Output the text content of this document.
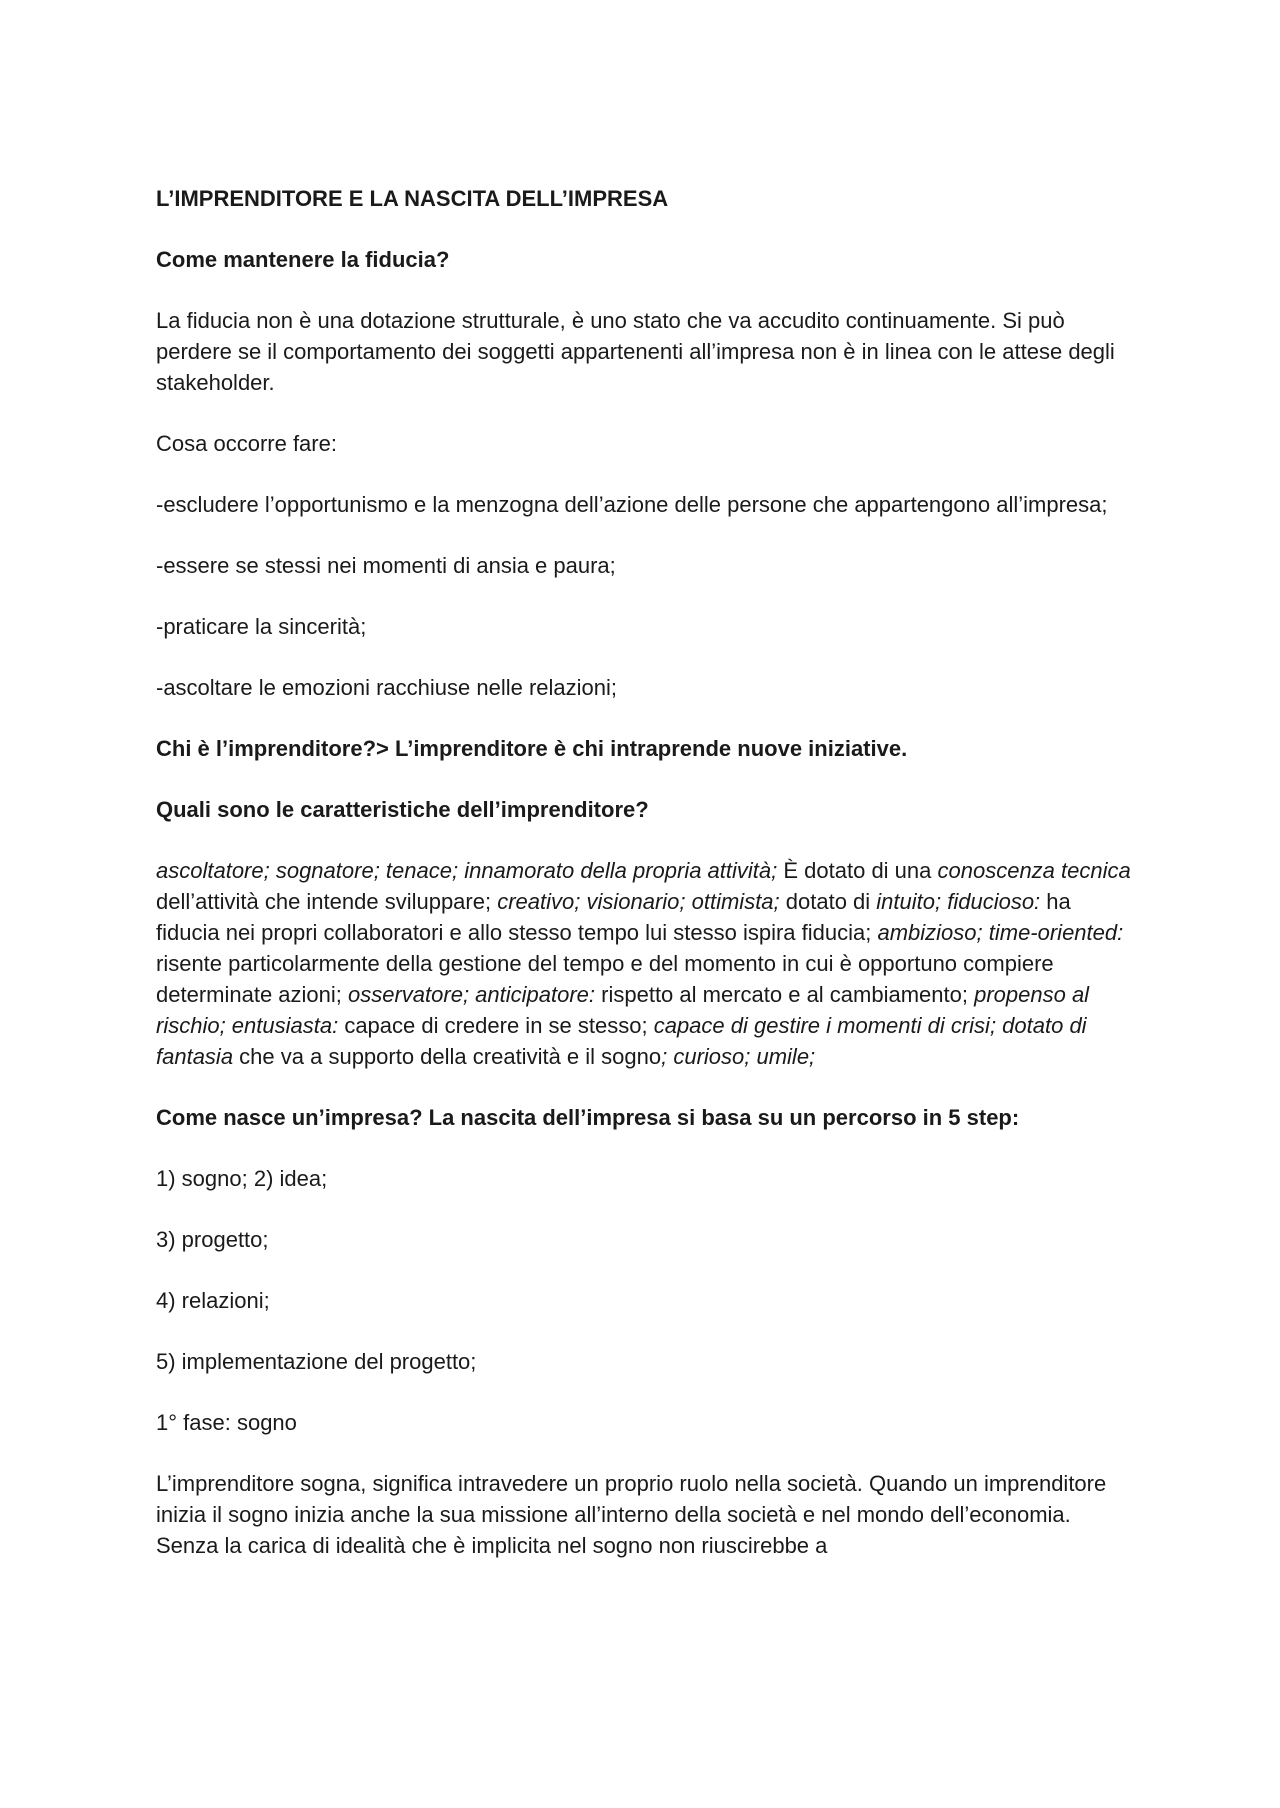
L’IMPRENDITORE E LA NASCITA DELL’IMPRESA

Come mantenere la fiducia?

La fiducia non è una dotazione strutturale, è uno stato che va accudito continuamente. Si può perdere se il comportamento dei soggetti appartenenti all’impresa non è in linea con le attese degli stakeholder.

Cosa occorre fare:

-escludere l’opportunismo e la menzogna dell’azione delle persone che appartengono all’impresa;

-essere se stessi nei momenti di ansia e paura;

-praticare la sincerità;

-ascoltare le emozioni racchiuse nelle relazioni;

Chi è l’imprenditore?> L’imprenditore è chi intraprende nuove iniziative.

Quali sono le caratteristiche dell’imprenditore?

ascoltatore; sognatore; tenace; innamorato della propria attività; È dotato di una conoscenza tecnica dell’attività che intende sviluppare; creativo; visionario; ottimista; dotato di intuito; fiducioso: ha fiducia nei propri collaboratori e allo stesso tempo lui stesso ispira fiducia; ambizioso; time-oriented: risente particolarmente della gestione del tempo e del momento in cui è opportuno compiere determinate azioni; osservatore; anticipatore: rispetto al mercato e al cambiamento; propenso al rischio; entusiasta: capace di credere in se stesso; capace di gestire i momenti di crisi; dotato di fantasia che va a supporto della creatività e il sogno; curioso; umile;

Come nasce un’impresa? La nascita dell’impresa si basa su un percorso in 5 step:

1) sogno; 2) idea;

3) progetto;

4) relazioni;

5) implementazione del progetto;

1° fase: sogno

L’imprenditore sogna, significa intravedere un proprio ruolo nella società. Quando un imprenditore inizia il sogno inizia anche la sua missione all’interno della società e nel mondo dell’economia. Senza la carica di idealità che è implicita nel sogno non riuscirebbe a
